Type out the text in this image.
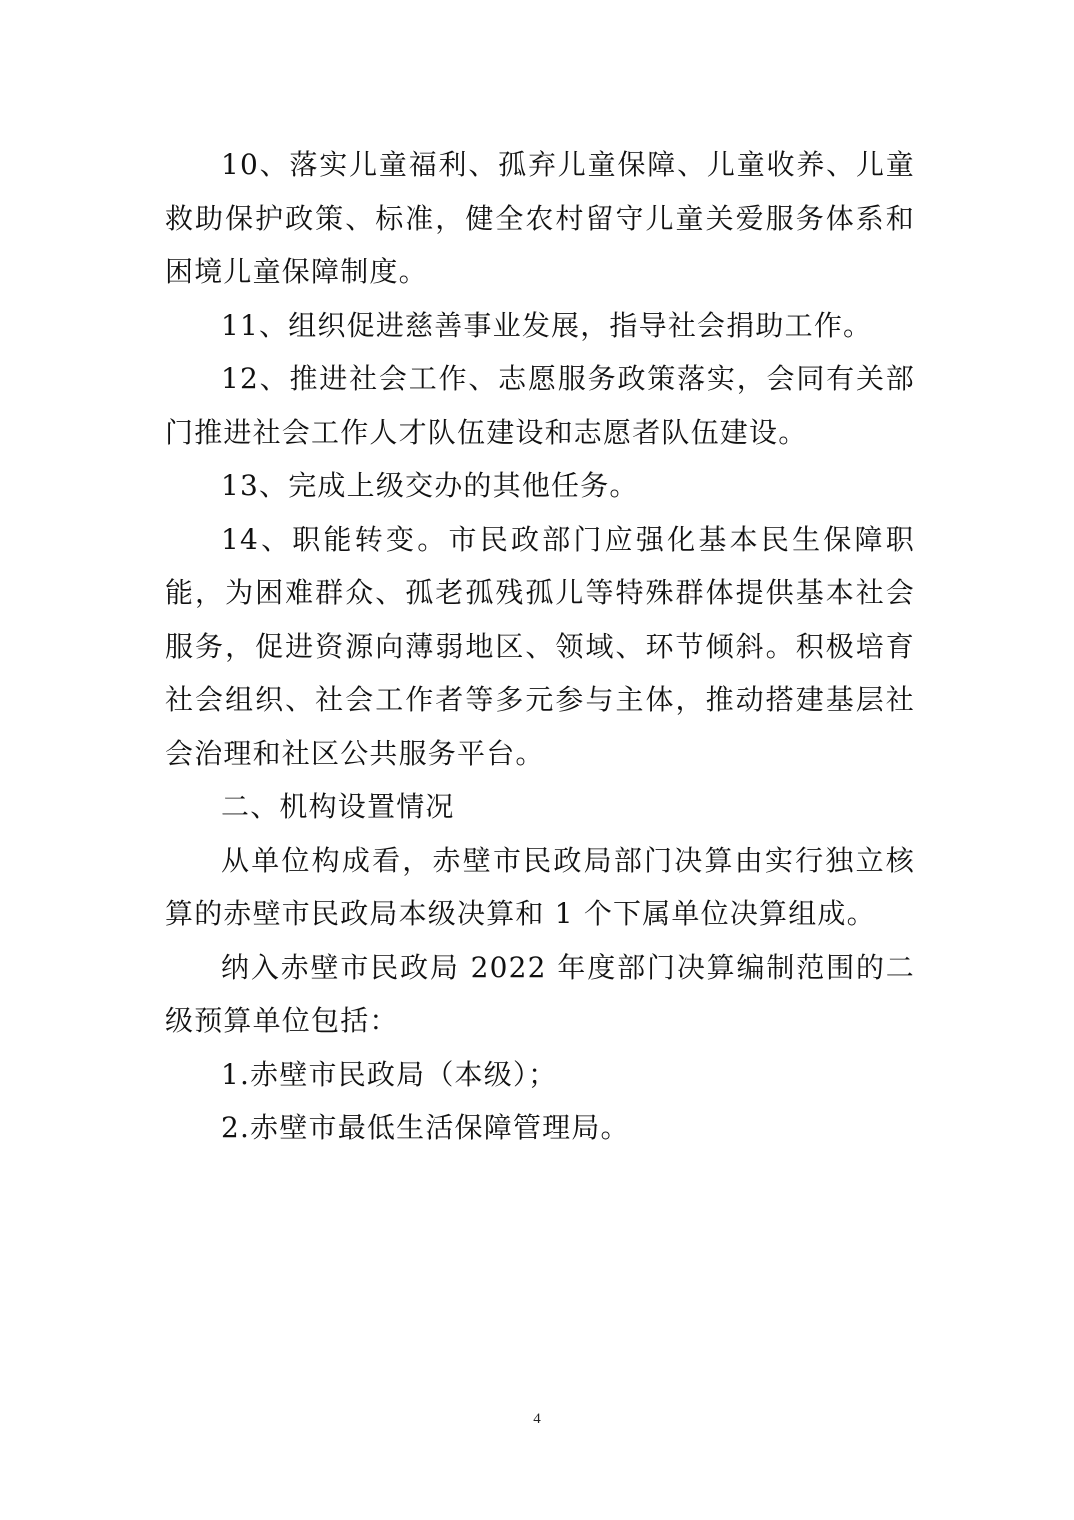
10、落实儿童福利、孤弃儿童保障、儿童收养、儿童救助保护政策、标准，健全农村留守儿童关爱服务体系和困境儿童保障制度。

11、组织促进慈善事业发展，指导社会捐助工作。

12、推进社会工作、志愿服务政策落实，会同有关部门推进社会工作人才队伍建设和志愿者队伍建设。

13、完成上级交办的其他任务。

14、职能转变。市民政部门应强化基本民生保障职能，为困难群众、孤老孤残孤儿等特殊群体提供基本社会服务，促进资源向薄弱地区、领域、环节倾斜。积极培育社会组织、社会工作者等多元参与主体，推动搭建基层社会治理和社区公共服务平台。

二、机构设置情况

从单位构成看，赤壁市民政局部门决算由实行独立核算的赤壁市民政局本级决算和 1 个下属单位决算组成。

纳入赤壁市民政局 2022 年度部门决算编制范围的二级预算单位包括：

1.赤壁市民政局（本级）；

2.赤壁市最低生活保障管理局。

4
